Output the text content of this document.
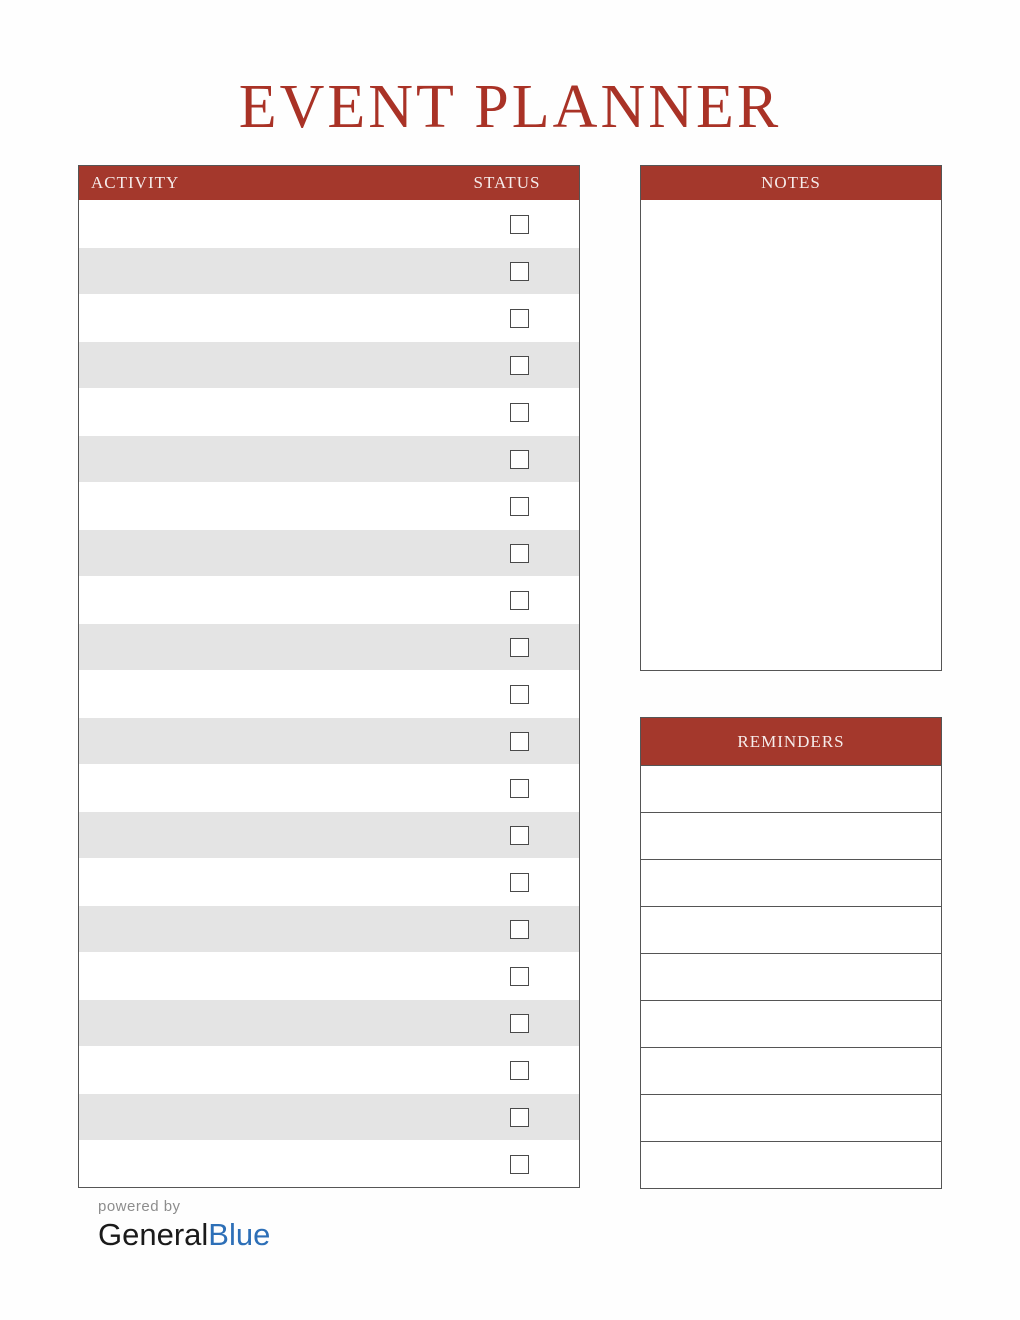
EVENT PLANNER
ACTIVITY	STATUS	NOTES
REMINDERS
powered by
GeneralBlue
